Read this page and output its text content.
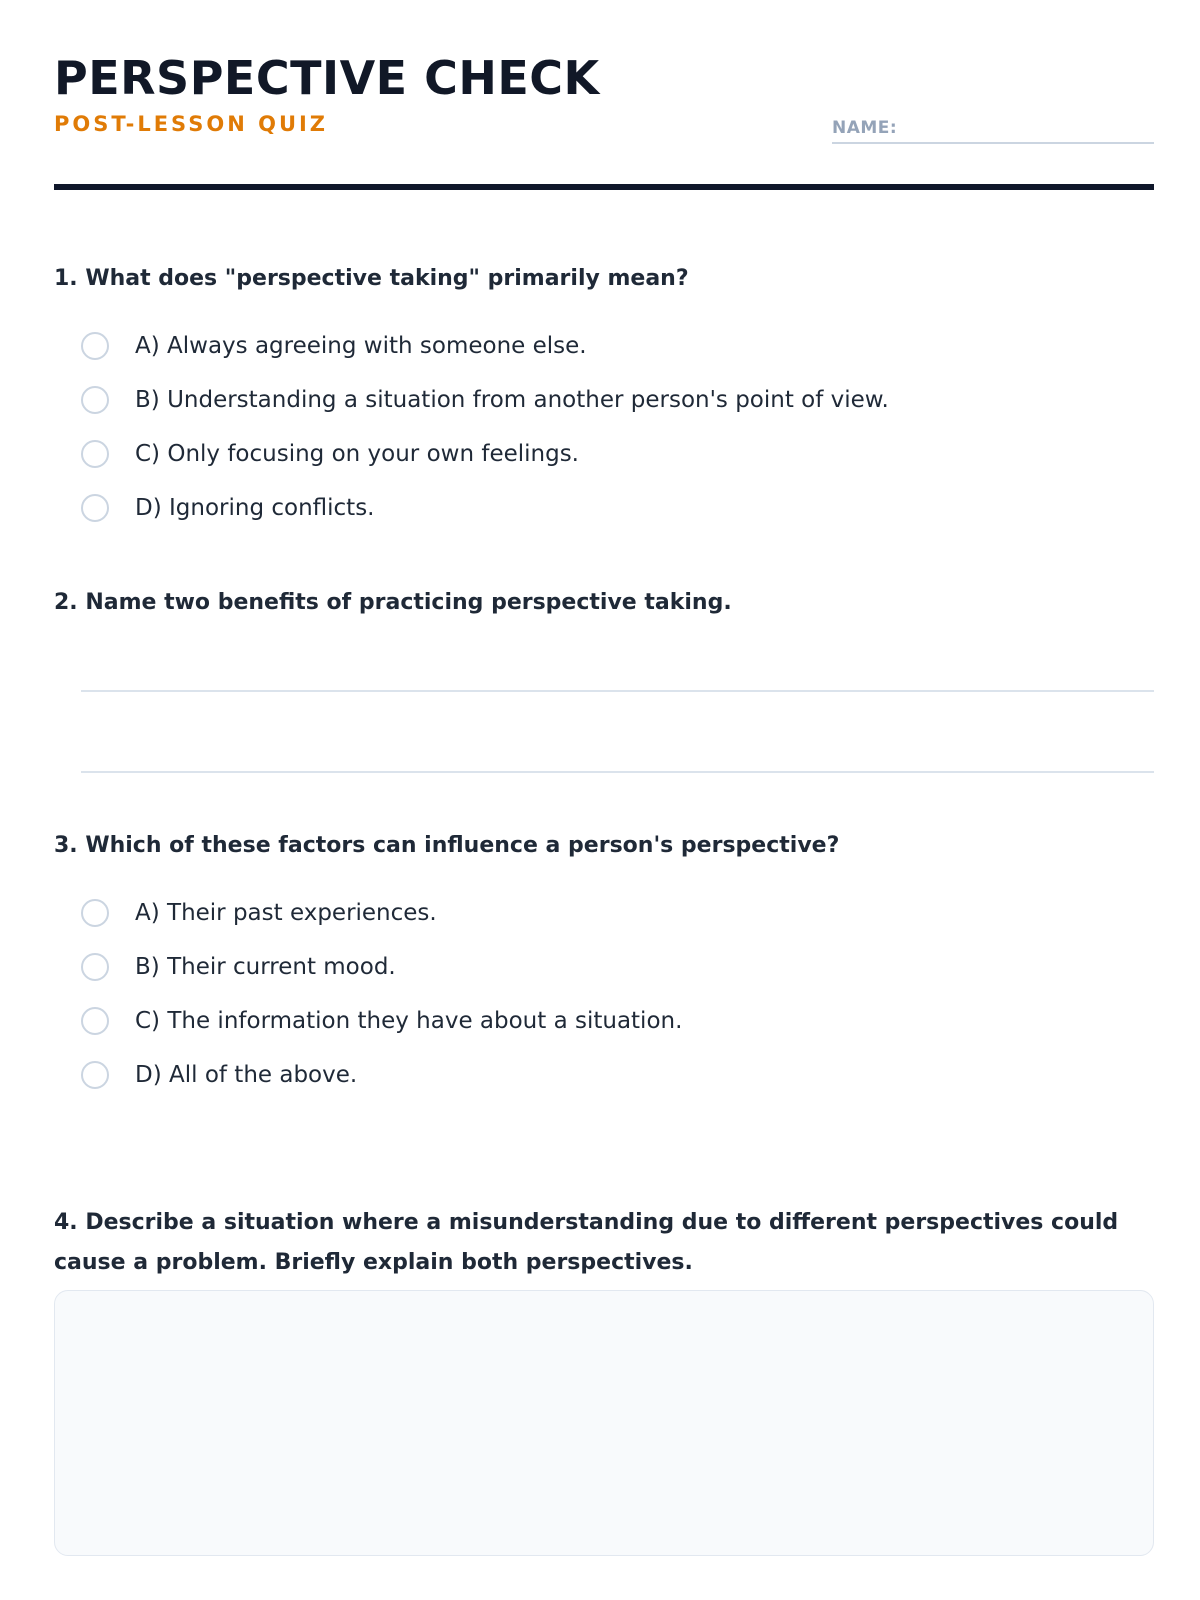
PERSPECTIVE CHECK
POST-LESSON QUIZ	NAME:

1. What does "perspective taking" primarily mean?

A) Always agreeing with someone else.
B) Understanding a situation from another person's point of view.
C) Only focusing on your own feelings.
D) Ignoring conflicts.

2. Name two benefits of practicing perspective taking.

3. Which of these factors can influence a person's perspective?

A) Their past experiences.
B) Their current mood.
C) The information they have about a situation.
D) All of the above.

4. Describe a situation where a misunderstanding due to different perspectives could cause a problem. Briefly explain both perspectives.
